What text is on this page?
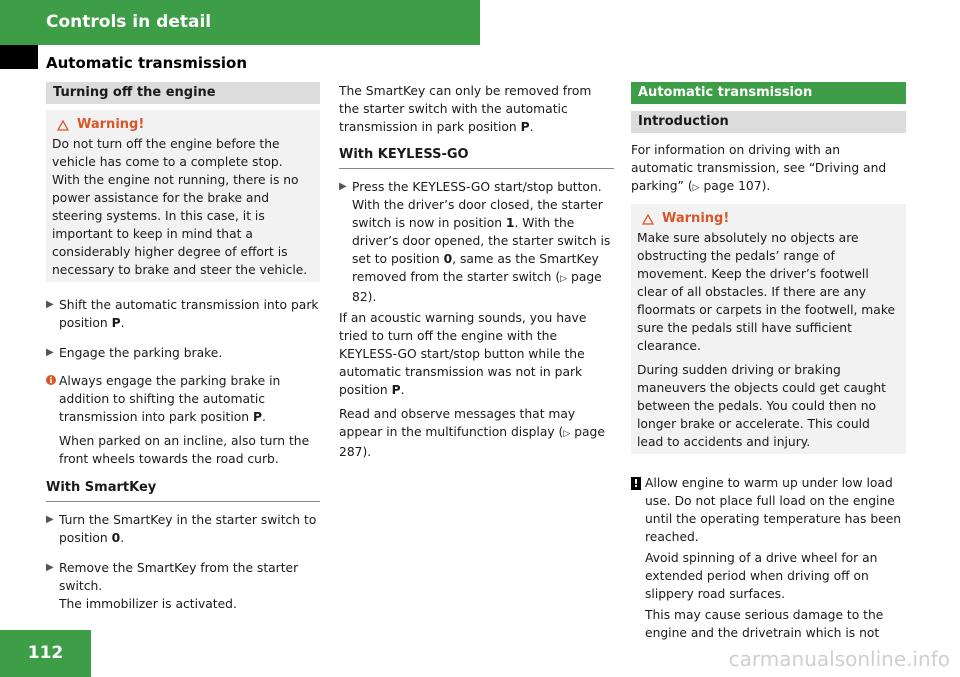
Controls in detail
Automatic transmission
Turning off the engine
Warning!

Do not turn off the engine before the vehicle has come to a complete stop. With the engine not running, there is no power assistance for the brake and steering systems. In this case, it is important to keep in mind that a considerably higher degree of effort is necessary to brake and steer the vehicle.

▶ Shift the automatic transmission into park position P.
▶ Engage the parking brake.

Always engage the parking brake in addition to shifting the automatic transmission into park position P.

When parked on an incline, also turn the front wheels towards the road curb.

With SmartKey
▶ Turn the SmartKey in the starter switch to position 0.
▶ Remove the SmartKey from the starter switch.

The immobilizer is activated.

The SmartKey can only be removed from the starter switch with the automatic transmission in park position P.

With KEYLESS-GO
▶ Press the KEYLESS-GO start/stop button. With the driver’s door closed, the starter switch is now in position 1. With the driver’s door opened, the starter switch is set to position 0, same as the SmartKey removed from the starter switch (▷ page 82).

If an acoustic warning sounds, you have tried to turn off the engine with the KEYLESS-GO start/stop button while the automatic transmission was not in park position P.

Read and observe messages that may appear in the multifunction display (▷ page 287).

Automatic transmission
Introduction

For information on driving with an automatic transmission, see “Driving and parking” (▷ page 107).

Warning!

Make sure absolutely no objects are obstructing the pedals’ range of movement. Keep the driver’s footwell clear of all obstacles. If there are any floormats or carpets in the footwell, make sure the pedals still have sufficient clearance.

During sudden driving or braking maneuvers the objects could get caught between the pedals. You could then no longer brake or accelerate. This could lead to accidents and injury.

! Allow engine to warm up under low load use. Do not place full load on the engine until the operating temperature has been reached.

Avoid spinning of a drive wheel for an extended period when driving off on slippery road surfaces.

This may cause serious damage to the engine and the drivetrain which is not

112	carmanualsonline.info
